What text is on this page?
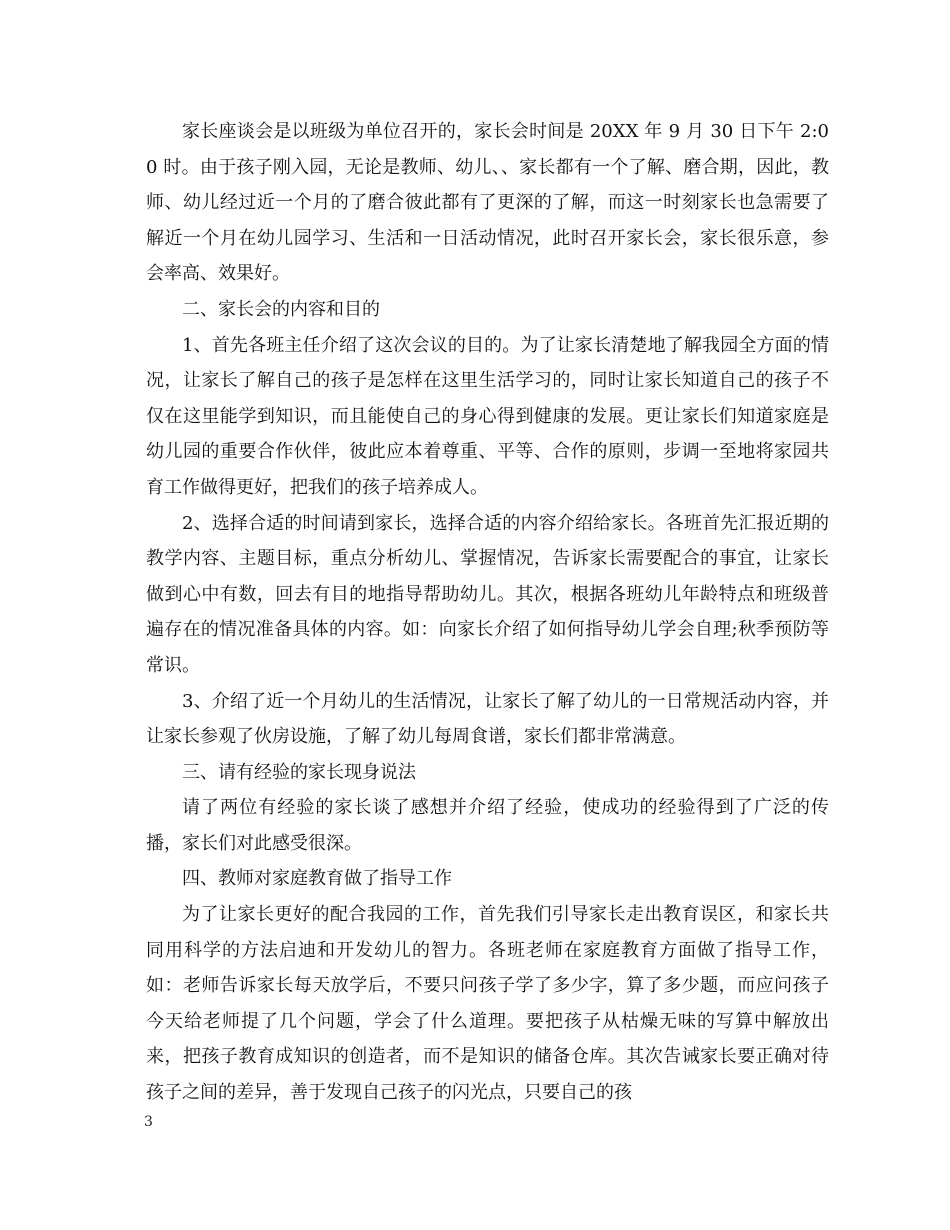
家长座谈会是以班级为单位召开的，家长会时间是 20XX 年 9 月 30 日下午 2:00 时。由于孩子刚入园，无论是教师、幼儿、、家长都有一个了解、磨合期，因此，教师、幼儿经过近一个月的了磨合彼此都有了更深的了解，而这一时刻家长也急需要了解近一个月在幼儿园学习、生活和一日活动情况，此时召开家长会，家长很乐意，参会率高、效果好。

二、家长会的内容和目的

1、首先各班主任介绍了这次会议的目的。为了让家长清楚地了解我园全方面的情况，让家长了解自己的孩子是怎样在这里生活学习的，同时让家长知道自己的孩子不仅在这里能学到知识，而且能使自己的身心得到健康的发展。更让家长们知道家庭是幼儿园的重要合作伙伴，彼此应本着尊重、平等、合作的原则，步调一至地将家园共育工作做得更好，把我们的孩子培养成人。

2、选择合适的时间请到家长，选择合适的内容介绍给家长。各班首先汇报近期的教学内容、主题目标，重点分析幼儿、掌握情况，告诉家长需要配合的事宜，让家长做到心中有数，回去有目的地指导帮助幼儿。其次，根据各班幼儿年龄特点和班级普遍存在的情况准备具体的内容。如：向家长介绍了如何指导幼儿学会自理;秋季预防等常识。

3、介绍了近一个月幼儿的生活情况，让家长了解了幼儿的一日常规活动内容，并让家长参观了伙房设施，了解了幼儿每周食谱，家长们都非常满意。

三、请有经验的家长现身说法

请了两位有经验的家长谈了感想并介绍了经验，使成功的经验得到了广泛的传播，家长们对此感受很深。

四、教师对家庭教育做了指导工作

为了让家长更好的配合我园的工作，首先我们引导家长走出教育误区，和家长共同用科学的方法启迪和开发幼儿的智力。各班老师在家庭教育方面做了指导工作，如：老师告诉家长每天放学后，不要只问孩子学了多少字，算了多少题，而应问孩子今天给老师提了几个问题，学会了什么道理。要把孩子从枯燥无味的写算中解放出来，把孩子教育成知识的创造者，而不是知识的储备仓库。其次告诫家长要正确对待孩子之间的差异，善于发现自己孩子的闪光点，只要自己的孩

3
